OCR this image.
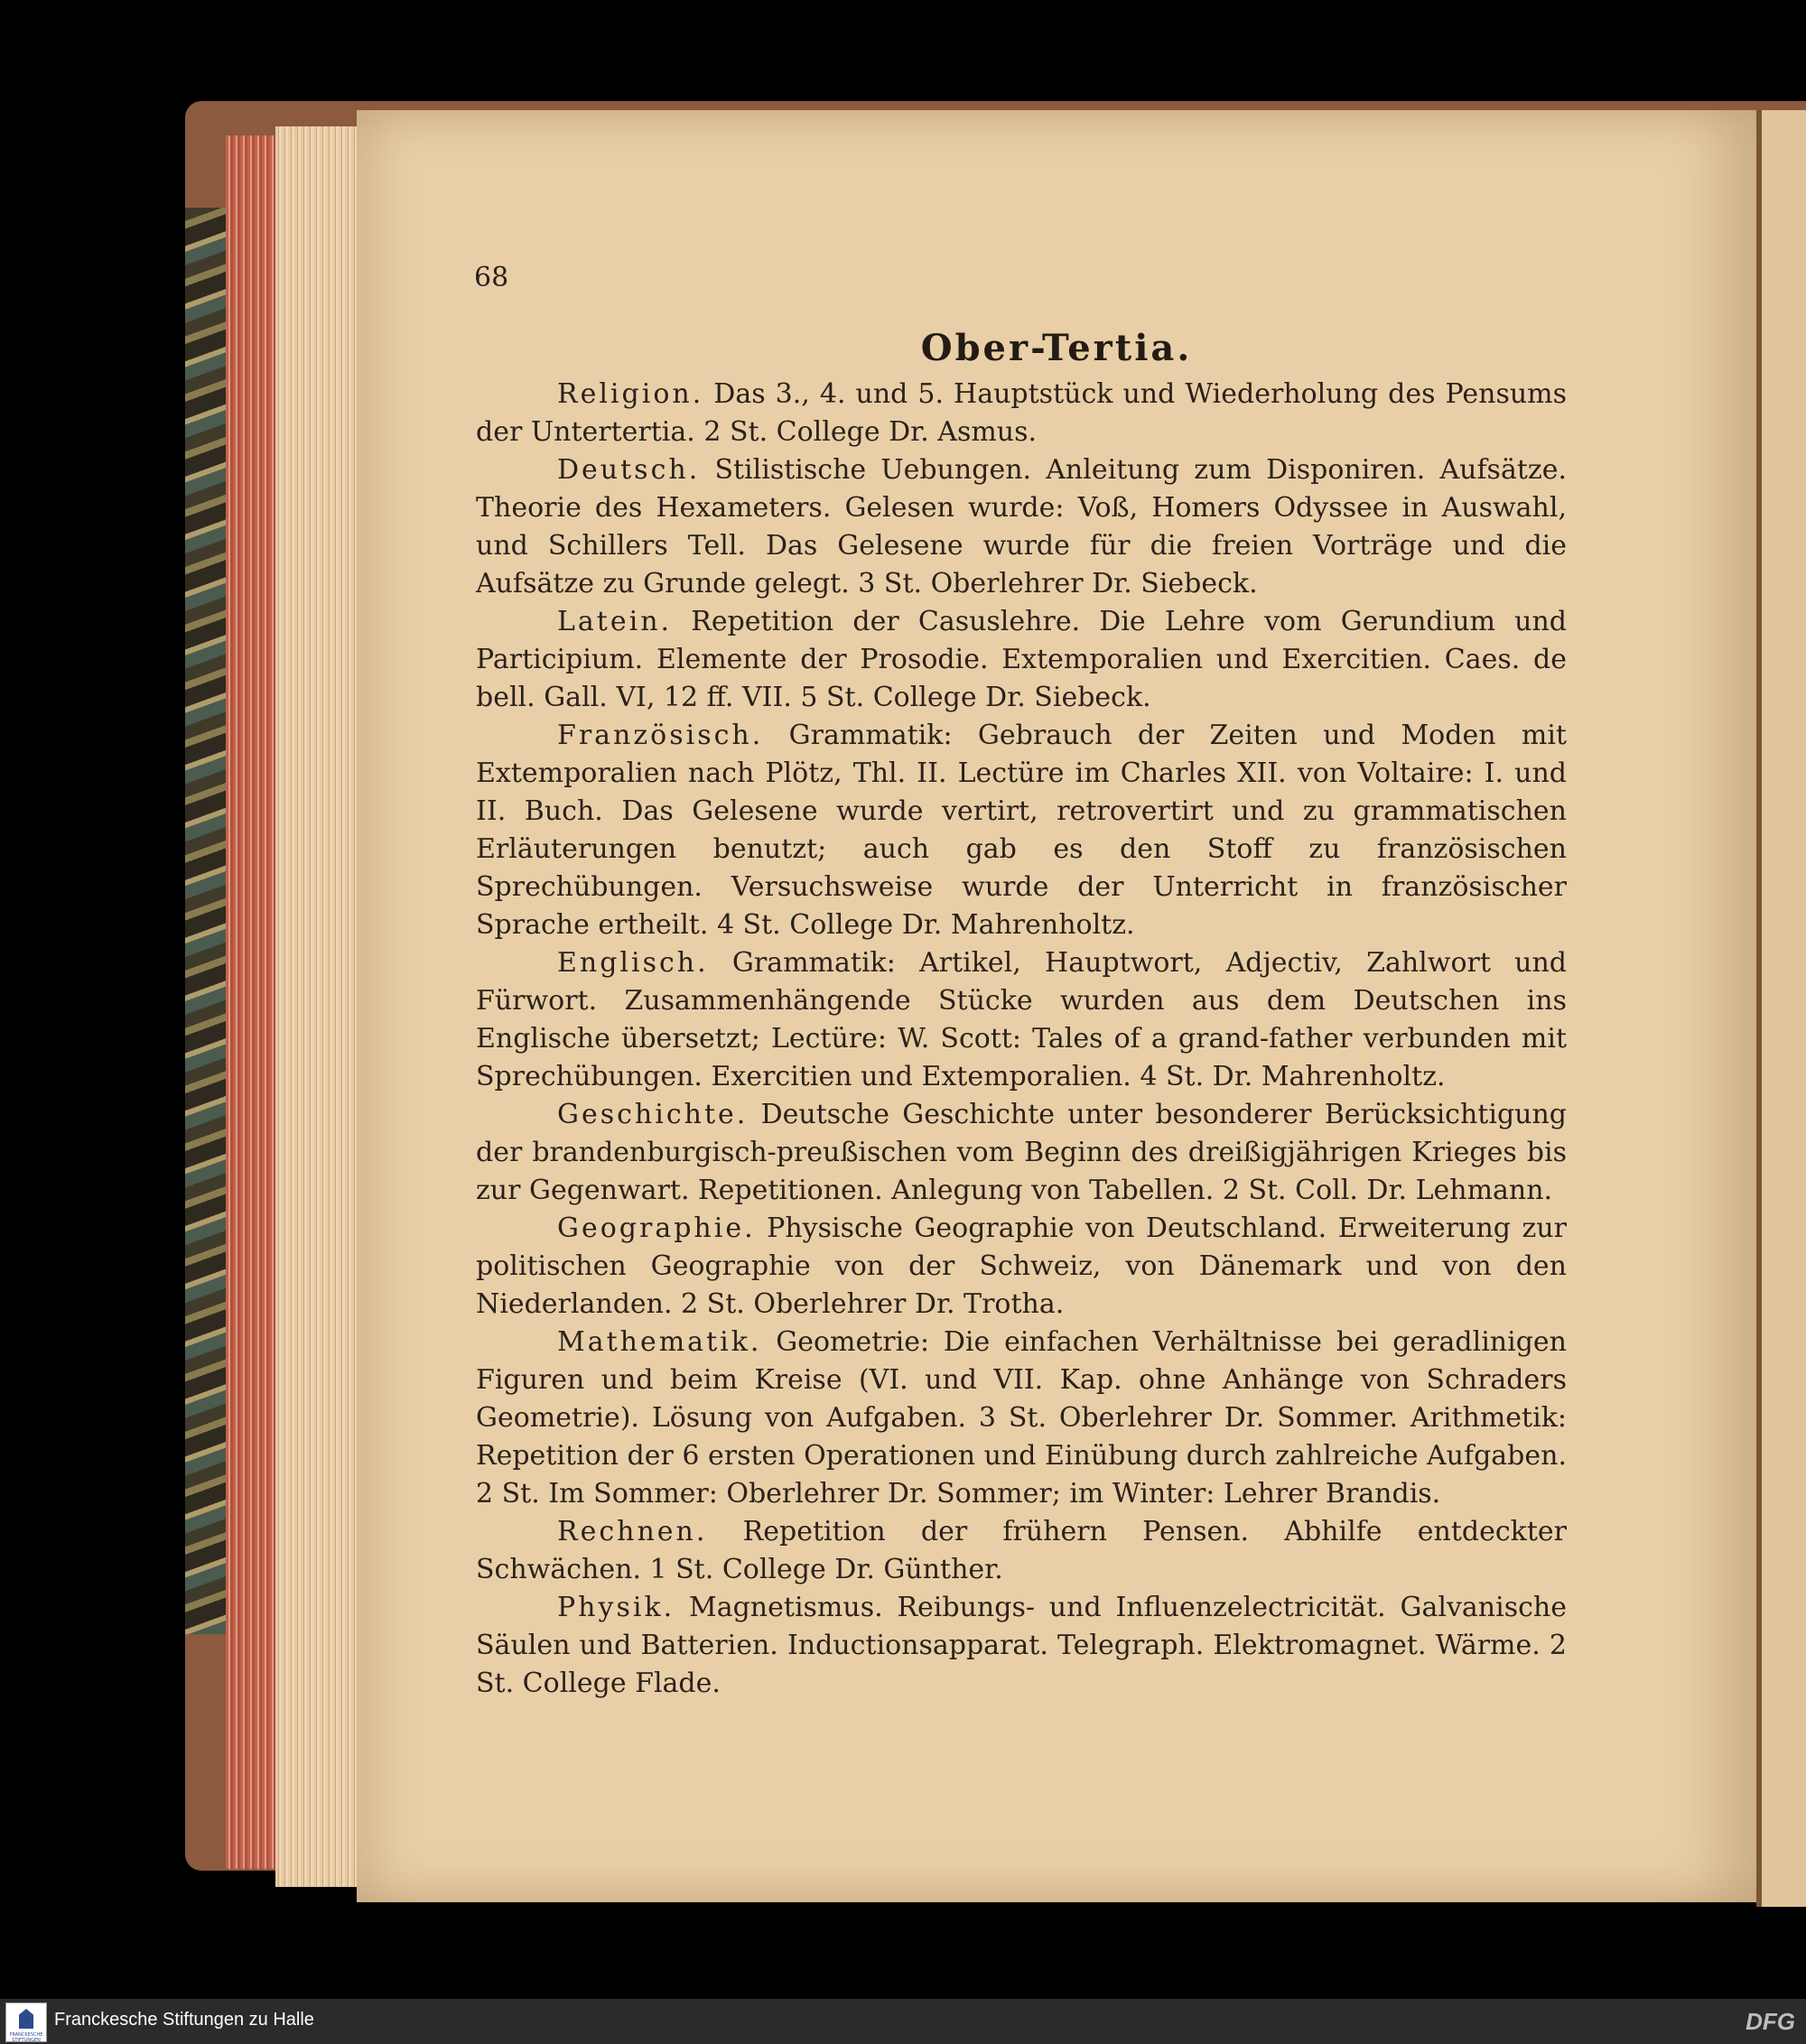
68
Ober-Tertia.

Religion. Das 3., 4. und 5. Hauptstück und Wiederholung des Pensums der Untertertia. 2 St. College Dr. Asmus.

Deutsch. Stilistische Uebungen. Anleitung zum Disponiren. Aufsätze. Theorie des Hexameters. Gelesen wurde: Voß, Homers Odyssee in Auswahl, und Schillers Tell. Das Gelesene wurde für die freien Vorträge und die Aufsätze zu Grunde gelegt. 3 St. Oberlehrer Dr. Siebeck.

Latein. Repetition der Casuslehre. Die Lehre vom Gerundium und Participium. Elemente der Prosodie. Extemporalien und Exercitien. Caes. de bell. Gall. VI, 12 ff. VII. 5 St. College Dr. Siebeck.

Französisch. Grammatik: Gebrauch der Zeiten und Moden mit Extemporalien nach Plötz, Thl. II. Lectüre im Charles XII. von Voltaire: I. und II. Buch. Das Gelesene wurde vertirt, retrovertirt und zu grammatischen Erläuterungen benutzt; auch gab es den Stoff zu französischen Sprechübungen. Versuchsweise wurde der Unterricht in französischer Sprache ertheilt. 4 St. College Dr. Mahrenholtz.

Englisch. Grammatik: Artikel, Hauptwort, Adjectiv, Zahlwort und Fürwort. Zusammenhängende Stücke wurden aus dem Deutschen ins Englische übersetzt; Lectüre: W. Scott: Tales of a grand-father verbunden mit Sprechübungen. Exercitien und Extemporalien. 4 St. Dr. Mahrenholtz.

Geschichte. Deutsche Geschichte unter besonderer Berücksichtigung der brandenburgisch-preußischen vom Beginn des dreißigjährigen Krieges bis zur Gegenwart. Repetitionen. Anlegung von Tabellen. 2 St. Coll. Dr. Lehmann.

Geographie. Physische Geographie von Deutschland. Erweiterung zur politischen Geographie von der Schweiz, von Dänemark und von den Niederlanden. 2 St. Oberlehrer Dr. Trotha.

Mathematik. Geometrie: Die einfachen Verhältnisse bei geradlinigen Figuren und beim Kreise (VI. und VII. Kap. ohne Anhänge von Schraders Geometrie). Lösung von Aufgaben. 3 St. Oberlehrer Dr. Sommer. Arithmetik: Repetition der 6 ersten Operationen und Einübung durch zahlreiche Aufgaben. 2 St. Im Sommer: Oberlehrer Dr. Sommer; im Winter: Lehrer Brandis.

Rechnen. Repetition der frühern Pensen. Abhilfe entdeckter Schwächen. 1 St. College Dr. Günther.

Physik. Magnetismus. Reibungs- und Influenzelectricität. Galvanische Säulen und Batterien. Inductionsapparat. Telegraph. Elektromagnet. Wärme. 2 St. College Flade.

FRANCKESCHE STIFTUNGEN
Franckesche Stiftungen zu Halle	DFG
